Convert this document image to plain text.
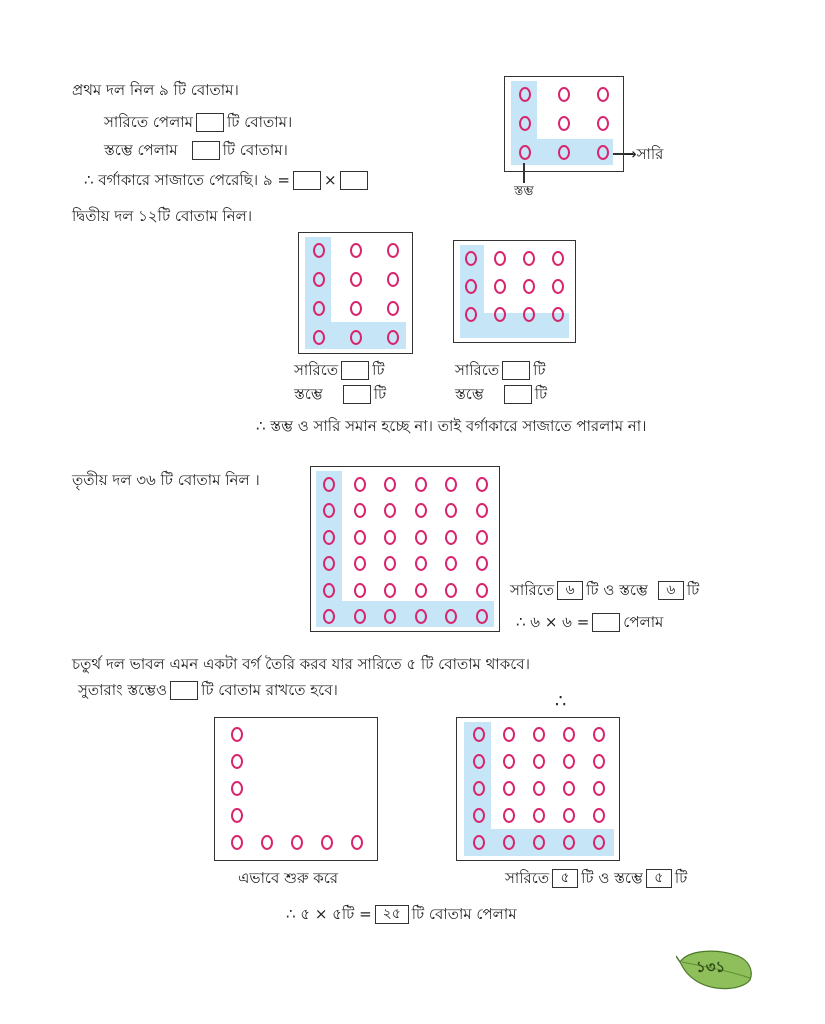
প্রথম দল নিল ৯ টি বোতাম।
সারিতে পেলাম টি বোতাম।
স্তম্ভে পেলাম	টি বোতাম।
∴ বর্গাকারে সাজাতে পেরেছি। ৯ = ×
→সারি
স্তম্ভ
দ্বিতীয় দল ১২টি বোতাম নিল।
সারিতে টি
স্তম্ভে	টি
সারিতে টি
স্তম্ভে	টি
∴ স্তম্ভ ও সারি সমান হচ্ছে না। তাই বর্গাকারে সাজাতে পারলাম না।
তৃতীয় দল ৩৬ টি বোতাম নিল ।
সারিতে ৬ টি ও স্তম্ভে ৬ টি
∴ ৬ × ৬ = পেলাম
চতুর্থ দল ভাবল এমন একটা বর্গ তৈরি করব যার সারিতে ৫ টি বোতাম থাকবে।
সুতারাং স্তম্ভেও টি বোতাম রাখতে হবে।
∴
এভাবে শুরু করে	সারিতে ৫ টি ও স্তম্ভে ৫ টি
∴ ৫ × ৫টি = ২৫ টি বোতাম পেলাম
১৩১
